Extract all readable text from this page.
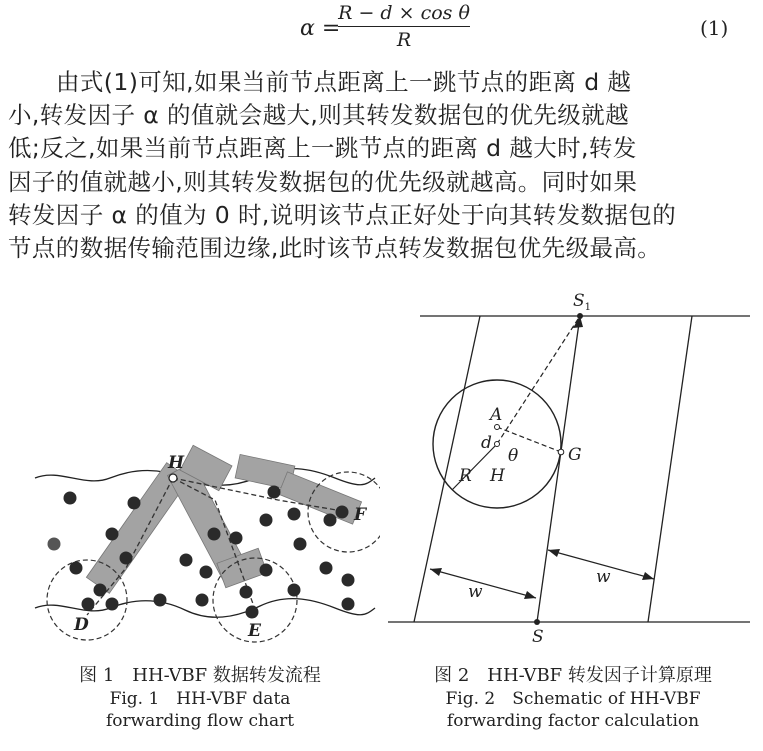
α =
R − d × cos θ
R	(1)

由式(1)可知,如果当前节点距离上一跳节点的距离 d 越

小,转发因子 α 的值就会越大,则其转发数据包的优先级就越

低;反之,如果当前节点距离上一跳节点的距离 d 越大时,转发

因子的值就越小,则其转发数据包的优先级就越高。同时如果

转发因子 α 的值为 0 时,说明该节点正好处于向其转发数据包的

节点的数据传输范围边缘,此时该节点转发数据包优先级最高。

H
F
D	E
$S_1$
A
d
θ	G
R H
w
w
S
图 1　HH-VBF 数据转发流程
Fig. 1　HH-VBF data
forwarding flow chart
图 2　HH-VBF 转发因子计算原理
Fig. 2　Schematic of HH-VBF
forwarding factor calculation
